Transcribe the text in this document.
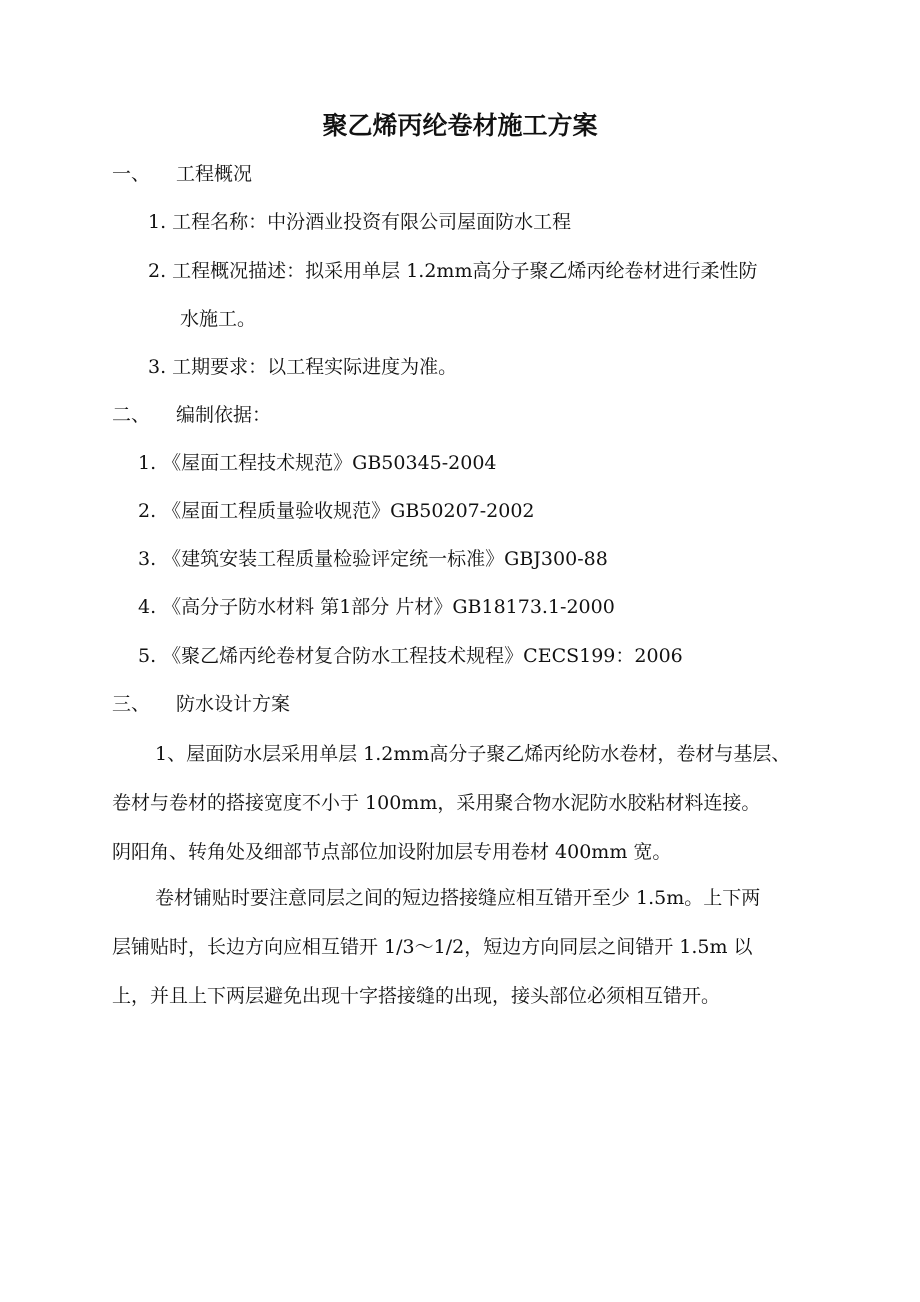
聚乙烯丙纶卷材施工方案
一、 工程概况

1. 工程名称：中汾酒业投资有限公司屋面防水工程

2. 工程概况描述：拟采用单层 1.2mm高分子聚乙烯丙纶卷材进行柔性防

水施工。

3. 工期要求：以工程实际进度为准。

二、 编制依据：

1. 《屋面工程技术规范》GB50345-2004

2. 《屋面工程质量验收规范》GB50207-2002

3. 《建筑安装工程质量检验评定统一标准》GBJ300-88

4. 《高分子防水材料 第1部分 片材》GB18173.1-2000

5. 《聚乙烯丙纶卷材复合防水工程技术规程》CECS199：2006

三、 防水设计方案

1、屋面防水层采用单层 1.2mm高分子聚乙烯丙纶防水卷材，卷材与基层、

卷材与卷材的搭接宽度不小于 100mm，采用聚合物水泥防水胶粘材料连接。

阴阳角、转角处及细部节点部位加设附加层专用卷材 400mm 宽。

卷材铺贴时要注意同层之间的短边搭接缝应相互错开至少 1.5m。上下两

层铺贴时，长边方向应相互错开 1/3～1/2，短边方向同层之间错开 1.5m 以

上，并且上下两层避免出现十字搭接缝的出现，接头部位必须相互错开。
